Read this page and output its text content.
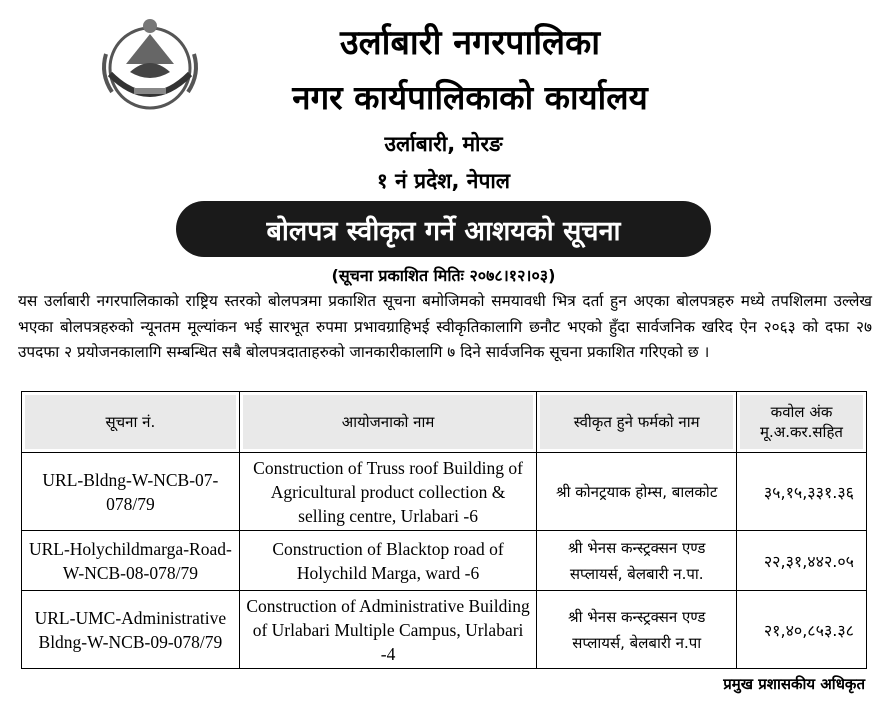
उर्लाबारी नगरपालिका
नगर कार्यपालिकाको कार्यालय
उर्लाबारी, मोरङ
१ नं प्रदेश, नेपाल
बोलपत्र स्वीकृत गर्ने आशयको सूचना
(सूचना प्रकाशित मितिः २०७८।१२।०३)

यस उर्लाबारी नगरपालिकाको राष्ट्रिय स्तरको बोलपत्रमा प्रकाशित सूचना बमोजिमको समयावधी भित्र दर्ता हुन अएका बोलपत्रहरु मध्ये तपशिलमा उल्लेख भएका बोलपत्रहरुको न्यूनतम मूल्यांकन भई सारभूत रुपमा प्रभावग्राहिभई स्वीकृतिकालागि छनौट भएको हुँदा सार्वजनिक खरिद ऐन २०६३ को दफा २७ उपदफा २ प्रयोजनकालागि सम्बन्धित सबै बोलपत्रदाताहरुको जानकारीकालागि ७ दिने सार्वजनिक सूचना प्रकाशित गरिएको छ ।

सूचना नं.	आयोजनाको नाम	स्वीकृत हुने फर्मको नाम	कवोल अंक
मू.अ.कर.सहित

URL-Bldng-W-NCB-07-078/79	Construction of Truss roof Building of Agricultural product collection & selling centre, Urlabari -6	श्री कोनट्रयाक होम्स, बालकोट	३५,१५,३३१.३६
URL-Holychildmarga-Road-W-NCB-08-078/79	Construction of Blacktop road of Holychild Marga, ward -6	श्री भेनस कन्स्ट्रक्सन एण्ड सप्लायर्स, बेलबारी न.पा.	२२,३१,४४२.०५
URL-UMC-Administrative Bldng-W-NCB-09-078/79	Construction of Administrative Building of Urlabari Multiple Campus, Urlabari -4	श्री भेनस कन्स्ट्रक्सन एण्ड सप्लायर्स, बेलबारी न.पा	२१,४०,८५३.३८
प्रमुख प्रशासकीय अधिकृत
